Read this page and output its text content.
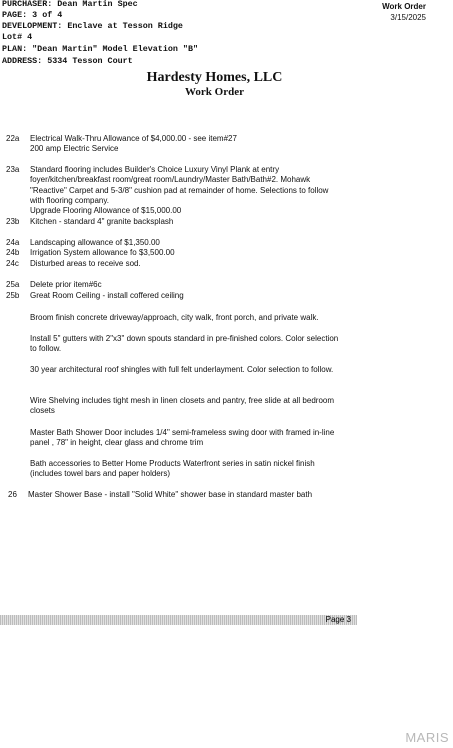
PURCHASER: Dean Martin Spec
PAGE: 3 of 4
DEVELOPMENT: Enclave at Tesson Ridge
Lot# 4
PLAN: "Dean Martin" Model Elevation "B"
ADDRESS: 5334 Tesson Court
Work Order
3/15/2025
Hardesty Homes, LLC
Work Order
22a	Electrical Walk-Thru Allowance of $4,000.00 - see item#27
200 amp Electric Service
23a	Standard flooring includes Builder's Choice Luxury Vinyl Plank at entry
foyer/kitchen/breakfast room/great room/Laundry/Master Bath/Bath#2. Mohawk
"Reactive" Carpet and 5-3/8" cushion pad at remainder of home. Selections to follow
with flooring company.
Upgrade Flooring Allowance of $15,000.00
23b	Kitchen - standard 4" granite backsplash
24a	Landscaping allowance of $1,350.00
24b	Irrigation System allowance fo $3,500.00
24c	Disturbed areas to receive sod.
25a	Delete prior item#6c
25b	Great Room Ceiling - install coffered ceiling
Broom finish concrete driveway/approach, city walk, front porch, and private walk.
Install 5" gutters with 2"x3" down spouts standard in pre-finished colors. Color selection
to follow.
30 year architectural roof shingles with full felt underlayment. Color selection to follow.
Wire Shelving includes tight mesh in linen closets and pantry, free slide at all bedroom
closets
Master Bath Shower Door includes 1/4" semi-frameless swing door with framed in-line
panel , 78" in height, clear glass and chrome trim
Bath accessories to Better Home Products Waterfront series in satin nickel finish
(includes towel bars and paper holders)
26	Master Shower Base - install "Solid White" shower base in standard master bath
Page 3
MARIS
